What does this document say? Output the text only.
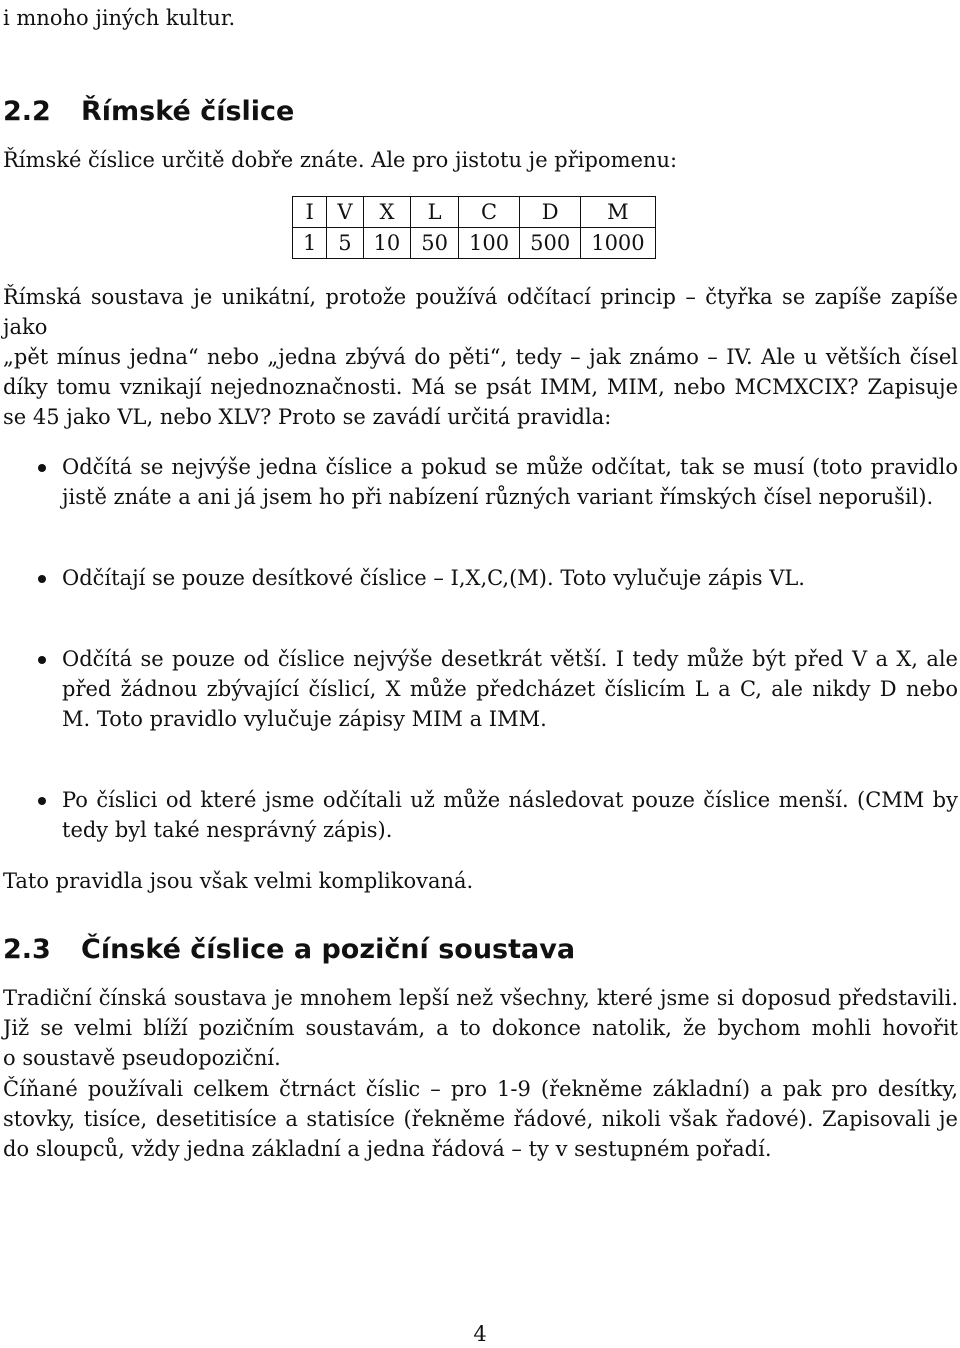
i mnoho jiných kultur.
2.2 Římské číslice
Římské číslice určitě dobře znáte. Ale pro jistotu je připomenu:
I	V	X	L	C	D	M
1	5	10	50	100	500	1000
Římská soustava je unikátní, protože používá odčítací princip – čtyřka se zapíše zapíše jako
„pět mínus jedna“ nebo „jedna zbývá do pěti“, tedy – jak známo – IV. Ale u větších čísel
díky tomu vznikají nejednoznačnosti. Má se psát IMM, MIM, nebo MCMXCIX? Zapisuje
se 45 jako VL, nebo XLV? Proto se zavádí určitá pravidla:
Odčítá se nejvýše jedna číslice a pokud se může odčítat, tak se musí (toto pravidlo
jistě znáte a ani já jsem ho při nabízení různých variant římských čísel neporušil).
Odčítají se pouze desítkové číslice – I,X,C,(M). Toto vylučuje zápis VL.
Odčítá se pouze od číslice nejvýše desetkrát větší. I tedy může být před V a X, ale
před žádnou zbývající číslicí, X může předcházet číslicím L a C, ale nikdy D nebo
M. Toto pravidlo vylučuje zápisy MIM a IMM.
Po číslici od které jsme odčítali už může následovat pouze číslice menší. (CMM by
tedy byl také nesprávný zápis).
Tato pravidla jsou však velmi komplikovaná.
2.3 Čínské číslice a poziční soustava
Tradiční čínská soustava je mnohem lepší než všechny, které jsme si doposud představili.
Již se velmi blíží pozičním soustavám, a to dokonce natolik, že bychom mohli hovořit
o soustavě pseudopoziční.
Číňané používali celkem čtrnáct číslic – pro 1-9 (řekněme základní) a pak pro desítky,
stovky, tisíce, desetitisíce a statisíce (řekněme řádové, nikoli však řadové). Zapisovali je
do sloupců, vždy jedna základní a jedna řádová – ty v sestupném pořadí.
4
